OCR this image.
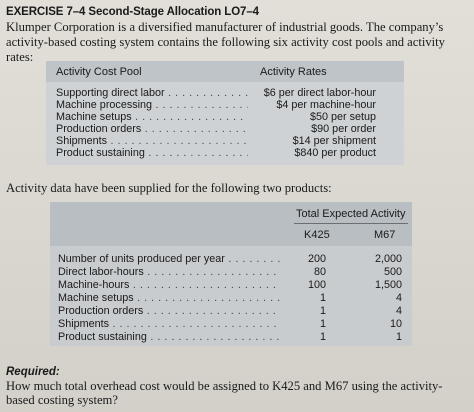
EXERCISE 7–4 Second-Stage Allocation LO7–4
Klumper Corporation is a diversified manufacturer of industrial goods. The company’s activity-based costing system contains the following six activity cost pools and activity rates:
Activity Cost Pool	Activity Rates
Supporting direct labor . . .	$6 per direct labor-hour
Machine processing . . .	$4 per machine-hour
Machine setups . . .	$50 per setup
Production orders . . .	$90 per order
Shipments . . .	$14 per shipment
Product sustaining . . .	$840 per product
Activity data have been supplied for the following two products:
Total Expected Activity
K425	M67
Number of units produced per year . . .	200	2,000
Direct labor-hours . . .	80	500
Machine-hours . . .	100	1,500
Machine setups . . .	1	4
Production orders . . .	1	4
Shipments . . .	1	10
Product sustaining . . .	1	1
Required:
How much total overhead cost would be assigned to K425 and M67 using the activity-based costing system?
